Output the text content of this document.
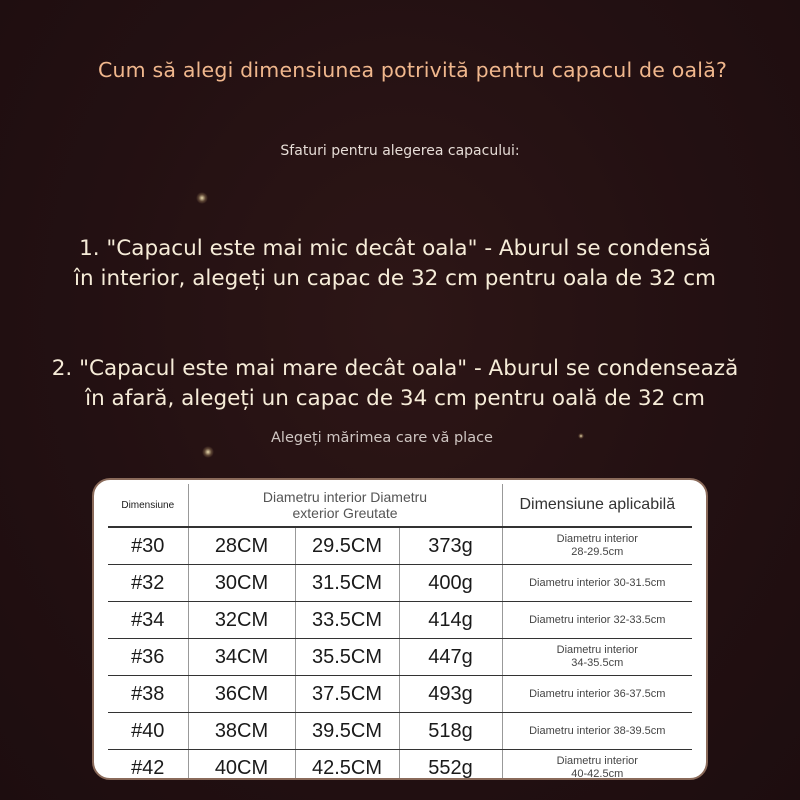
Cum să alegi dimensiunea potrivită pentru capacul de oală?
Sfaturi pentru alegerea capacului:
1. "Capacul este mai mic decât oala" - Aburul se condensă
în interior, alegeți un capac de 32 cm pentru oala de 32 cm
2. "Capacul este mai mare decât oala" - Aburul se condensează
în afară, alegeți un capac de 34 cm pentru oală de 32 cm
Alegeți mărimea care vă place
Dimensiune	Diametru interior Diametru
exterior Greutate			Dimensiune aplicabilă
#30	28CM	29.5CM	373g	Diametru interior
28-29.5cm
#32	30CM	31.5CM	400g	Diametru interior 30-31.5cm
#34	32CM	33.5CM	414g	Diametru interior 32-33.5cm
#36	34CM	35.5CM	447g	Diametru interior
34-35.5cm
#38	36CM	37.5CM	493g	Diametru interior 36-37.5cm
#40	38CM	39.5CM	518g	Diametru interior 38-39.5cm
#42	40CM	42.5CM	552g	Diametru interior
40-42.5cm
